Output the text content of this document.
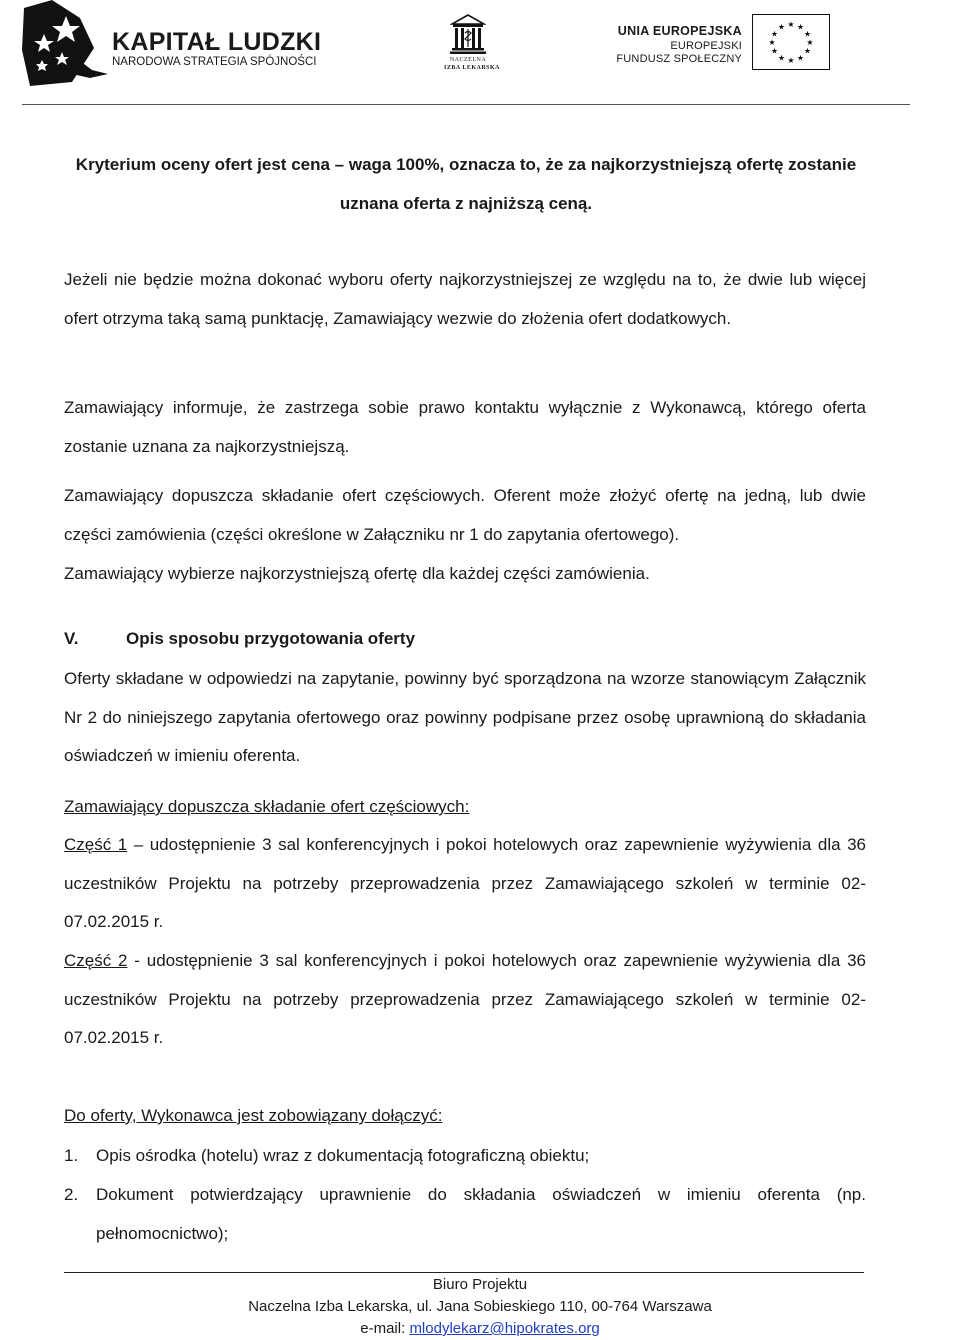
KAPITAŁ LUDZKI
NARODOWA STRATEGIA SPÓJNOŚCI	NACZELNA
IZBA LEKARSKA
UNIA EUROPEJSKA
EUROPEJSKI
FUNDUSZ SPOŁECZNY
★ ★
★
★
★
★
★
★
★
★
★
★

Kryterium oceny ofert jest cena – waga 100%, oznacza to, że za najkorzystniejszą ofertę zostanie uznana oferta z najniższą ceną.

Jeżeli nie będzie można dokonać wyboru oferty najkorzystniejszej ze względu na to, że dwie lub więcej ofert otrzyma taką samą punktację, Zamawiający wezwie do złożenia ofert dodatkowych.

Zamawiający informuje, że zastrzega sobie prawo kontaktu wyłącznie z Wykonawcą, którego oferta zostanie uznana za najkorzystniejszą.

Zamawiający dopuszcza składanie ofert częściowych. Oferent może złożyć ofertę na jedną, lub dwie części zamówienia (części określone w Załączniku nr 1 do zapytania ofertowego).

Zamawiający wybierze najkorzystniejszą ofertę dla każdej części zamówienia.

V.	Opis sposobu przygotowania oferty

Oferty składane w odpowiedzi na zapytanie, powinny być sporządzona na wzorze stanowiącym Załącznik Nr 2 do niniejszego zapytania ofertowego oraz powinny podpisane przez osobę uprawnioną do składania oświadczeń w imieniu oferenta.

Zamawiający dopuszcza składanie ofert częściowych:

Część 1 – udostępnienie 3 sal konferencyjnych i pokoi hotelowych oraz zapewnienie wyżywienia dla 36 uczestników Projektu na potrzeby przeprowadzenia przez Zamawiającego szkoleń w terminie 02-07.02.2015 r.

Część 2 - udostępnienie 3 sal konferencyjnych i pokoi hotelowych oraz zapewnienie wyżywienia dla 36 uczestników Projektu na potrzeby przeprowadzenia przez Zamawiającego szkoleń w terminie 02-07.02.2015 r.

Do oferty, Wykonawca jest zobowiązany dołączyć:

1.	Opis ośrodka (hotelu) wraz z dokumentacją fotograficzną obiektu;
2.	Dokument potwierdzający uprawnienie do składania oświadczeń w imieniu oferenta (np. pełnomocnictwo);
Biuro Projektu
Naczelna Izba Lekarska, ul. Jana Sobieskiego 110, 00-764 Warszawa
e-mail: mlodylekarz@hipokrates.org
